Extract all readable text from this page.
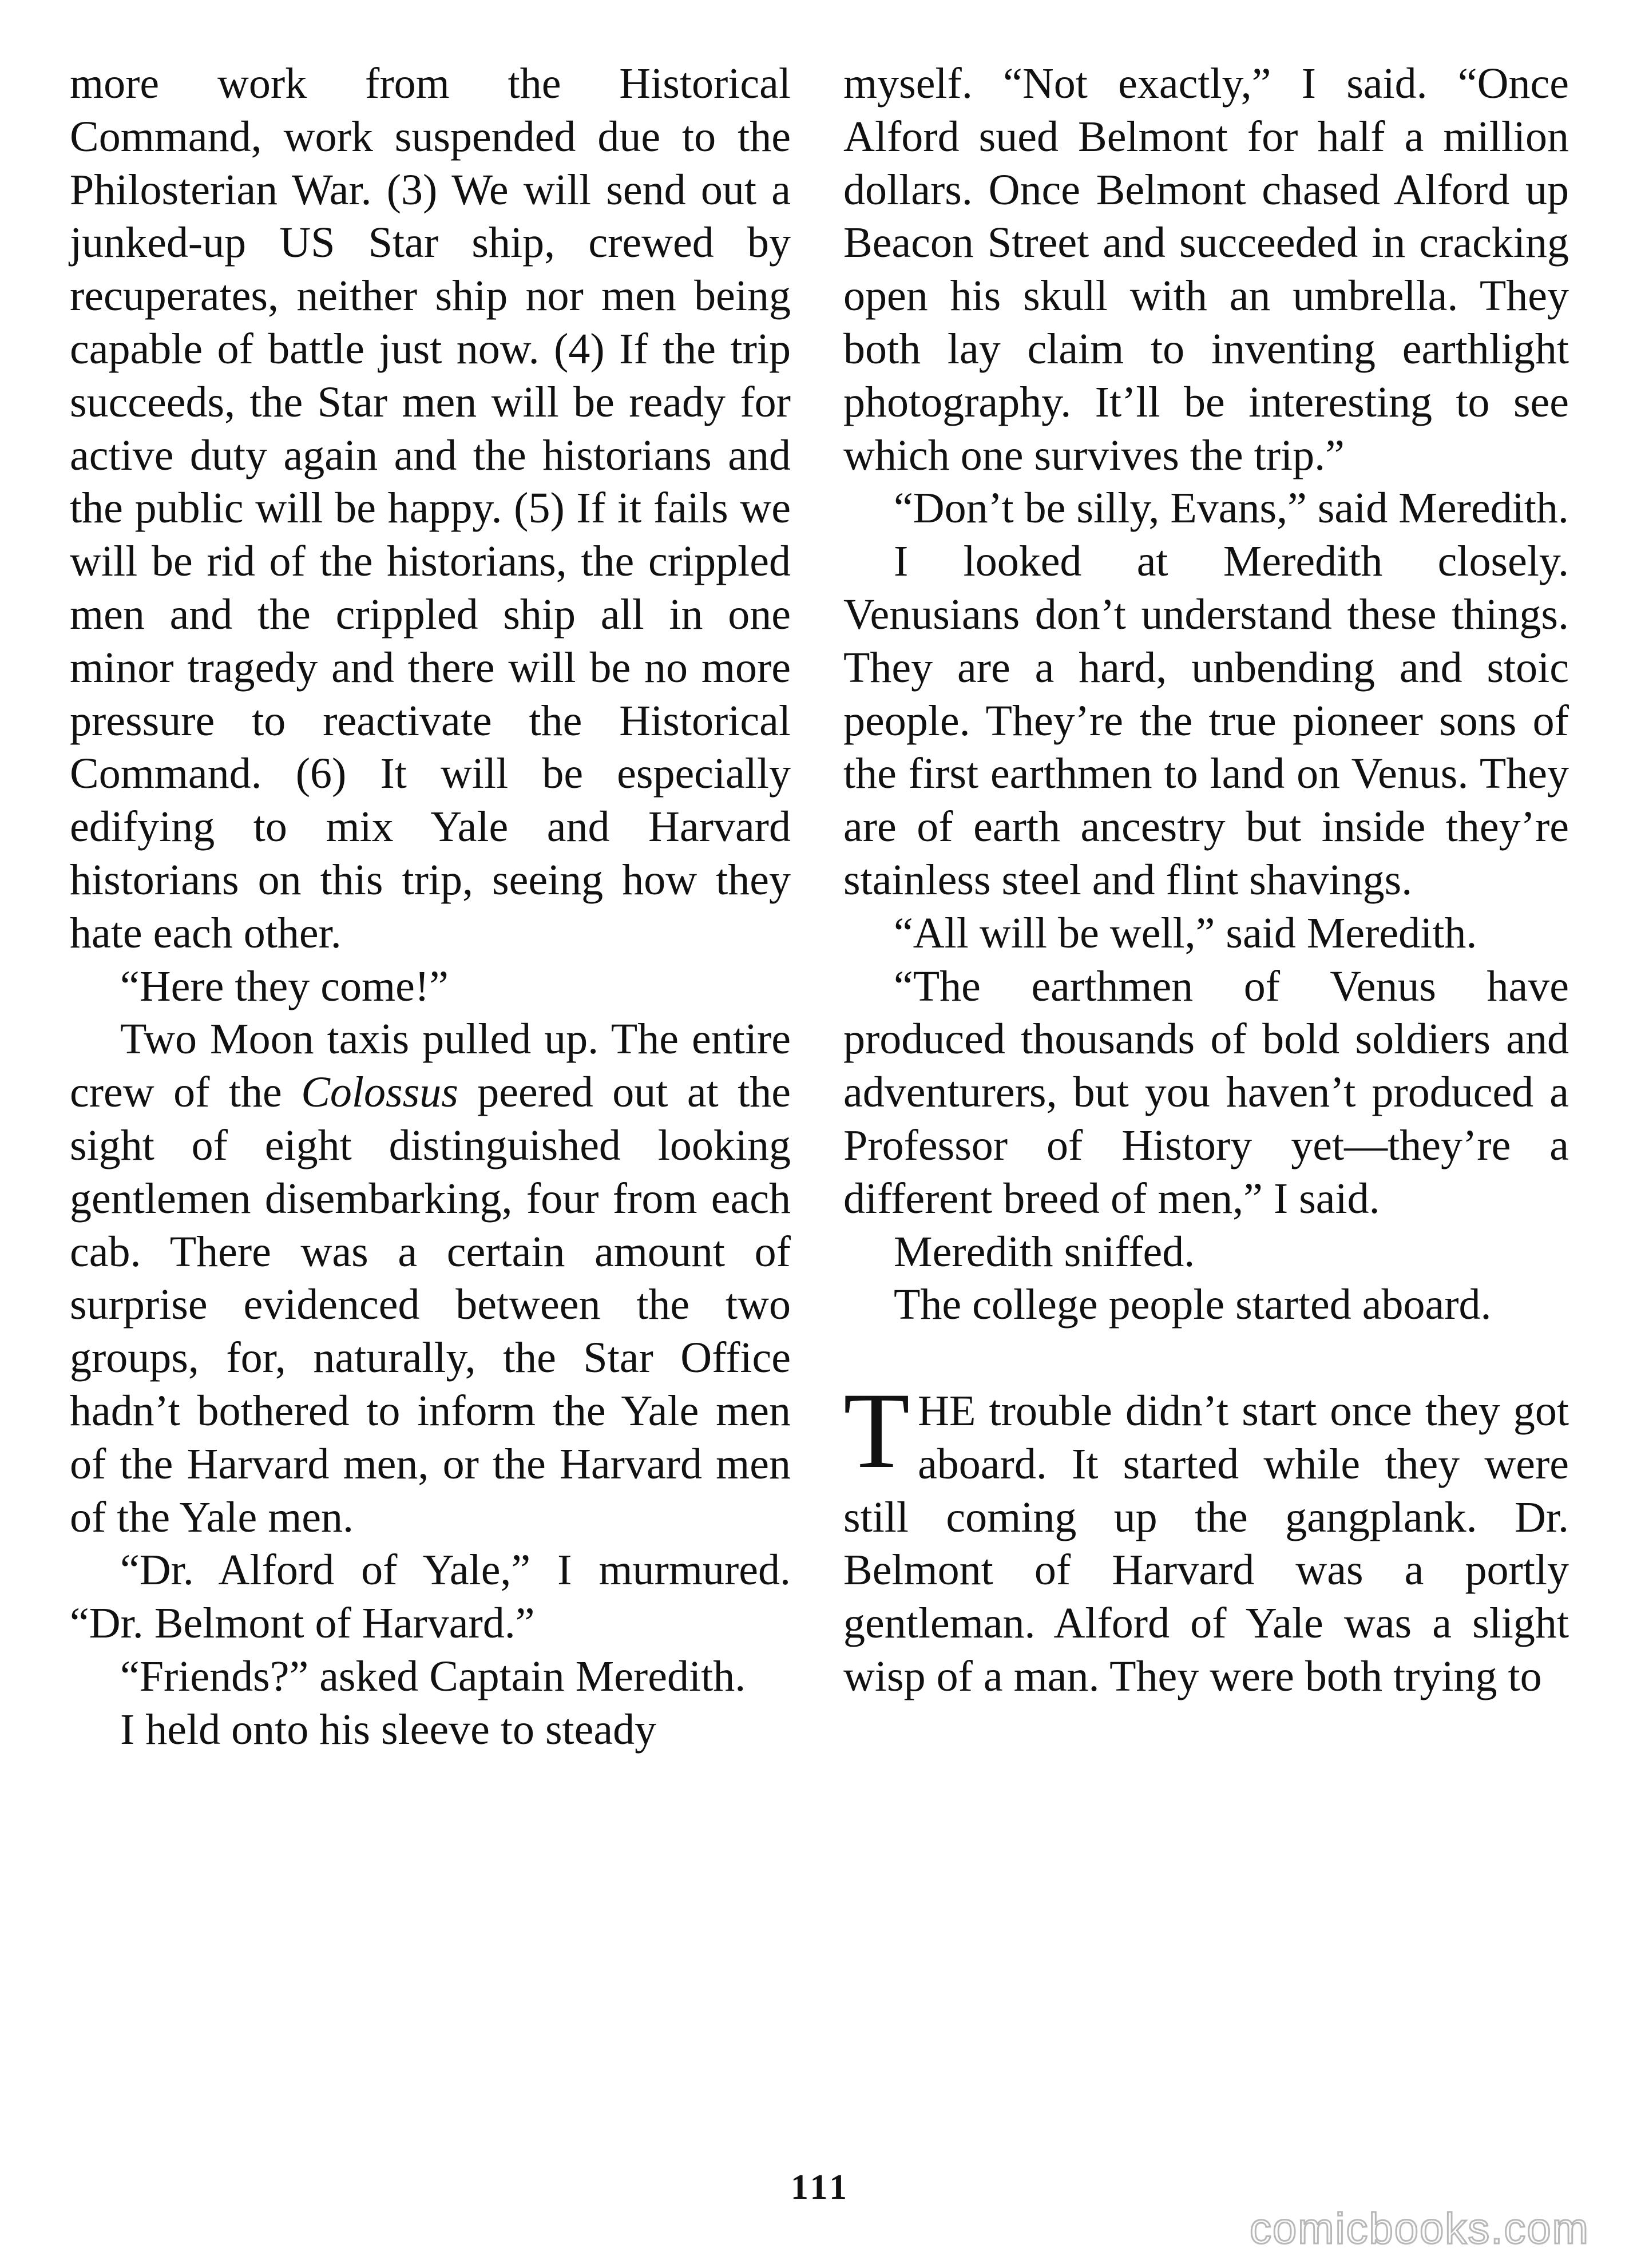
more work from the Historical Command, work suspended due to the Philosterian War. (3) We will send out a junked-up US Star ship, crewed by recuperates, neither ship nor men being capable of battle just now. (4) If the trip succeeds, the Star men will be ready for active duty again and the historians and the public will be happy. (5) If it fails we will be rid of the historians, the crippled men and the crippled ship all in one minor tragedy and there will be no more pressure to reactivate the Historical Command. (6) It will be especially edifying to mix Yale and Harvard historians on this trip, seeing how they hate each other.

“Here they come!”

Two Moon taxis pulled up. The entire crew of the Colossus peered out at the sight of eight distinguished looking gentlemen disembarking, four from each cab. There was a certain amount of surprise evidenced between the two groups, for, naturally, the Star Office hadn’t bothered to inform the Yale men of the Harvard men, or the Harvard men of the Yale men.

“Dr. Alford of Yale,” I murmured. “Dr. Belmont of Harvard.”

“Friends?” asked Captain Meredith.

I held onto his sleeve to steady

myself. “Not exactly,” I said. “Once Alford sued Belmont for half a million dollars. Once Belmont chased Alford up Beacon Street and succeeded in cracking open his skull with an umbrella. They both lay claim to inventing earthlight photography. It’ll be interesting to see which one survives the trip.”

“Don’t be silly, Evans,” said Meredith.

I looked at Meredith closely. Venusians don’t understand these things. They are a hard, unbending and stoic people. They’re the true pioneer sons of the first earthmen to land on Venus. They are of earth ancestry but inside they’re stainless steel and flint shavings.

“All will be well,” said Meredith.

“The earthmen of Venus have produced thousands of bold soldiers and adventurers, but you haven’t produced a Professor of History yet—they’re a different breed of men,” I said.

Meredith sniffed.

The college people started aboard.

THE trouble didn’t start once they got aboard. It started while they were still coming up the gangplank. Dr. Belmont of Harvard was a portly gentleman. Alford of Yale was a slight wisp of a man. They were both trying to

111
comicbooks.com
